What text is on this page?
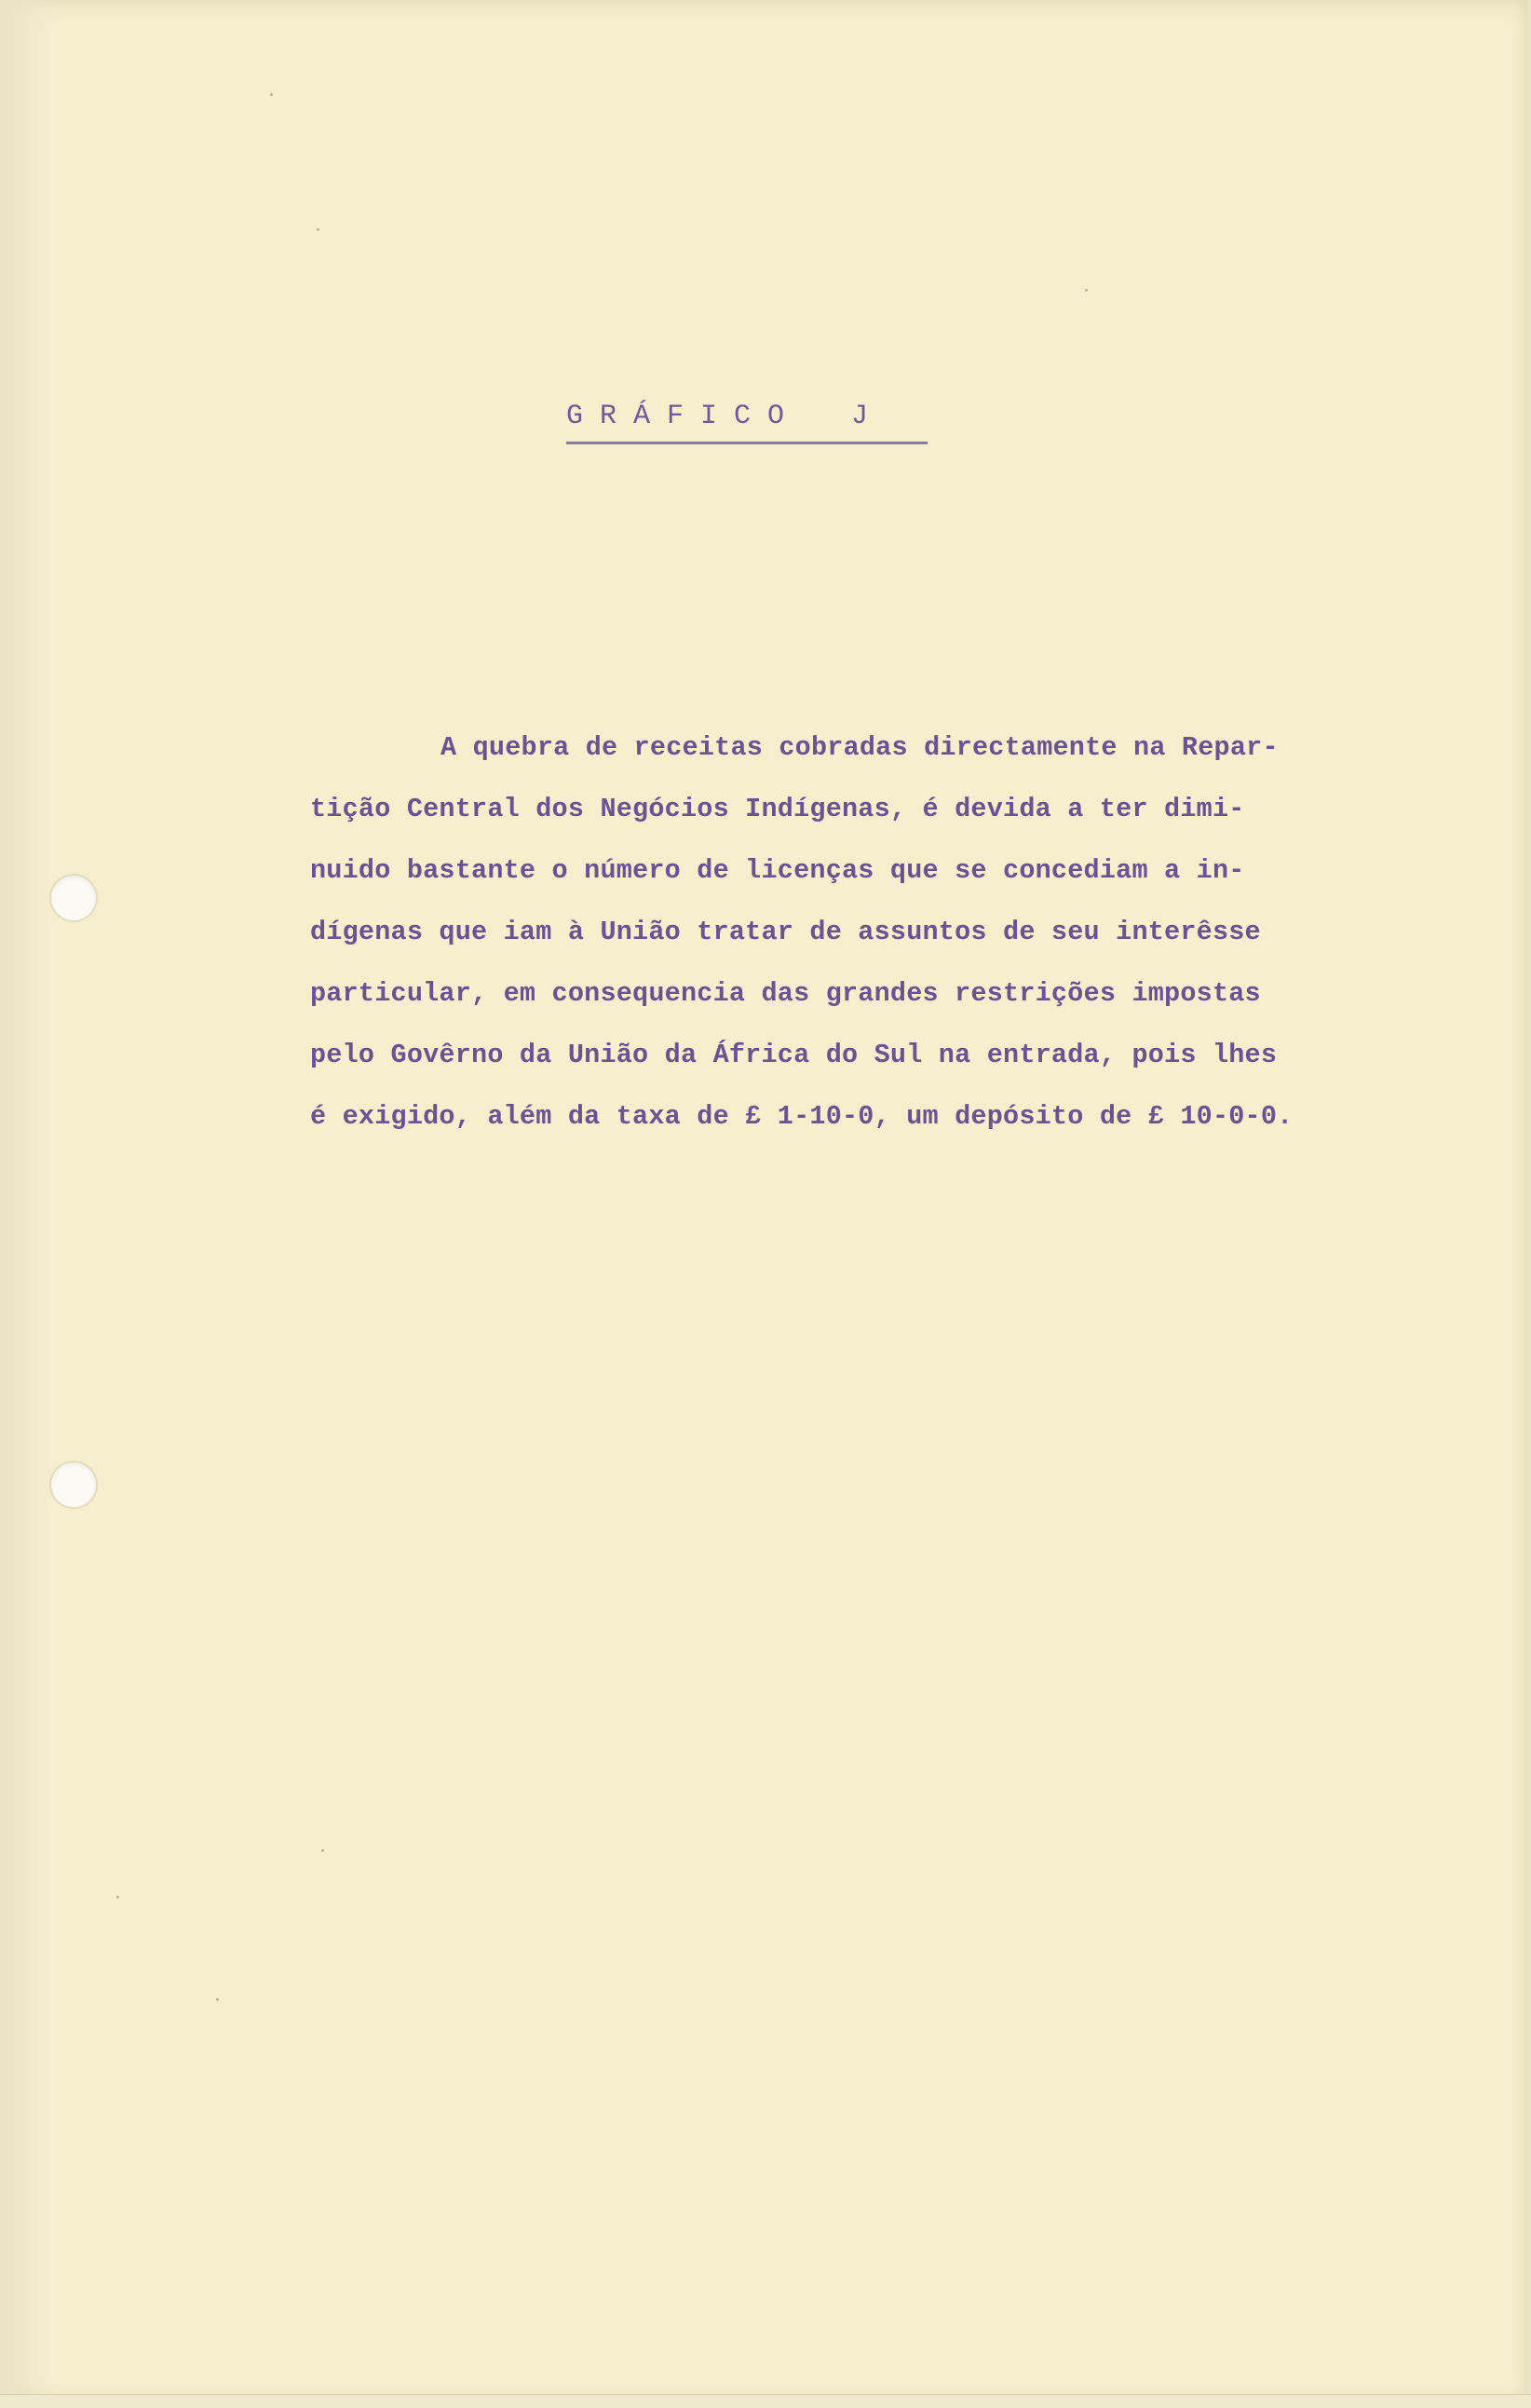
G R Á F I C O    J
A quebra de receitas cobradas directamente na Repar-
tição Central dos Negócios Indígenas, é devida a ter dimi-
nuido bastante o número de licenças que se concediam a in-
dígenas que iam à União tratar de assuntos de seu interêsse
particular, em consequencia das grandes restrições impostas
pelo Govêrno da União da África do Sul na entrada, pois lhes
é exigido, além da taxa de £ 1-10-0, um depósito de £ 10-0-0.
